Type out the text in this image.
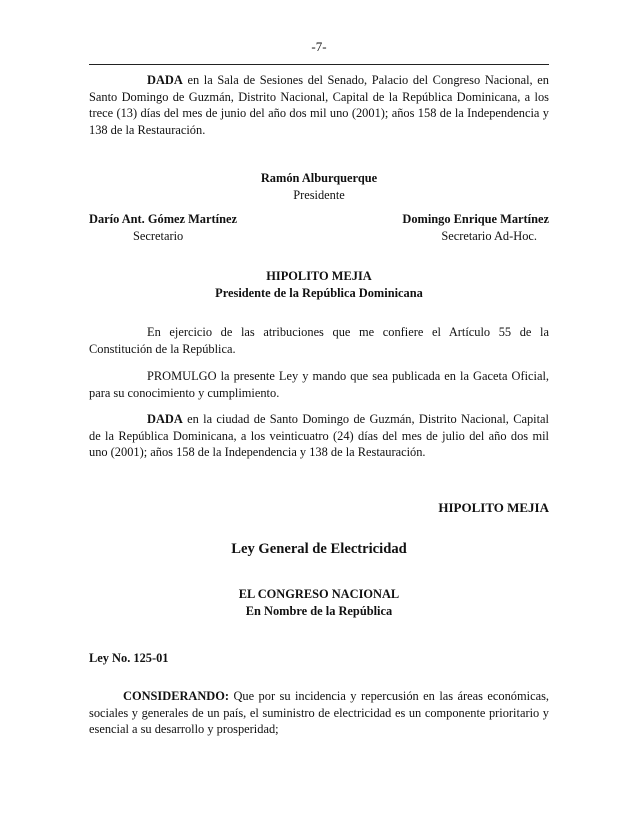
-7-

DADA en la Sala de Sesiones del Senado, Palacio del Congreso Nacional, en Santo Domingo de Guzmán, Distrito Nacional, Capital de la República Dominicana, a los trece (13) días del mes de junio del año dos mil uno (2001); años 158 de la Independencia y 138 de la Restauración.

Ramón Alburquerque
Presidente
Darío Ant. Gómez Martínez
Secretario
Domingo Enrique Martínez
Secretario Ad-Hoc.
HIPOLITO MEJIA
Presidente de la República Dominicana

En ejercicio de las atribuciones que me confiere el Artículo 55 de la Constitución de la República.

PROMULGO la presente Ley y mando que sea publicada en la Gaceta Oficial, para su conocimiento y cumplimiento.

DADA en la ciudad de Santo Domingo de Guzmán, Distrito Nacional, Capital de la República Dominicana, a los veinticuatro (24) días del mes de julio del año dos mil uno (2001); años 158 de la Independencia y 138 de la Restauración.

HIPOLITO MEJIA
Ley General de Electricidad
EL CONGRESO NACIONAL
En Nombre de la República
Ley No. 125-01

CONSIDERANDO: Que por su incidencia y repercusión en las áreas económicas, sociales y generales de un país, el suministro de electricidad es un componente prioritario y esencial a su desarrollo y prosperidad;
